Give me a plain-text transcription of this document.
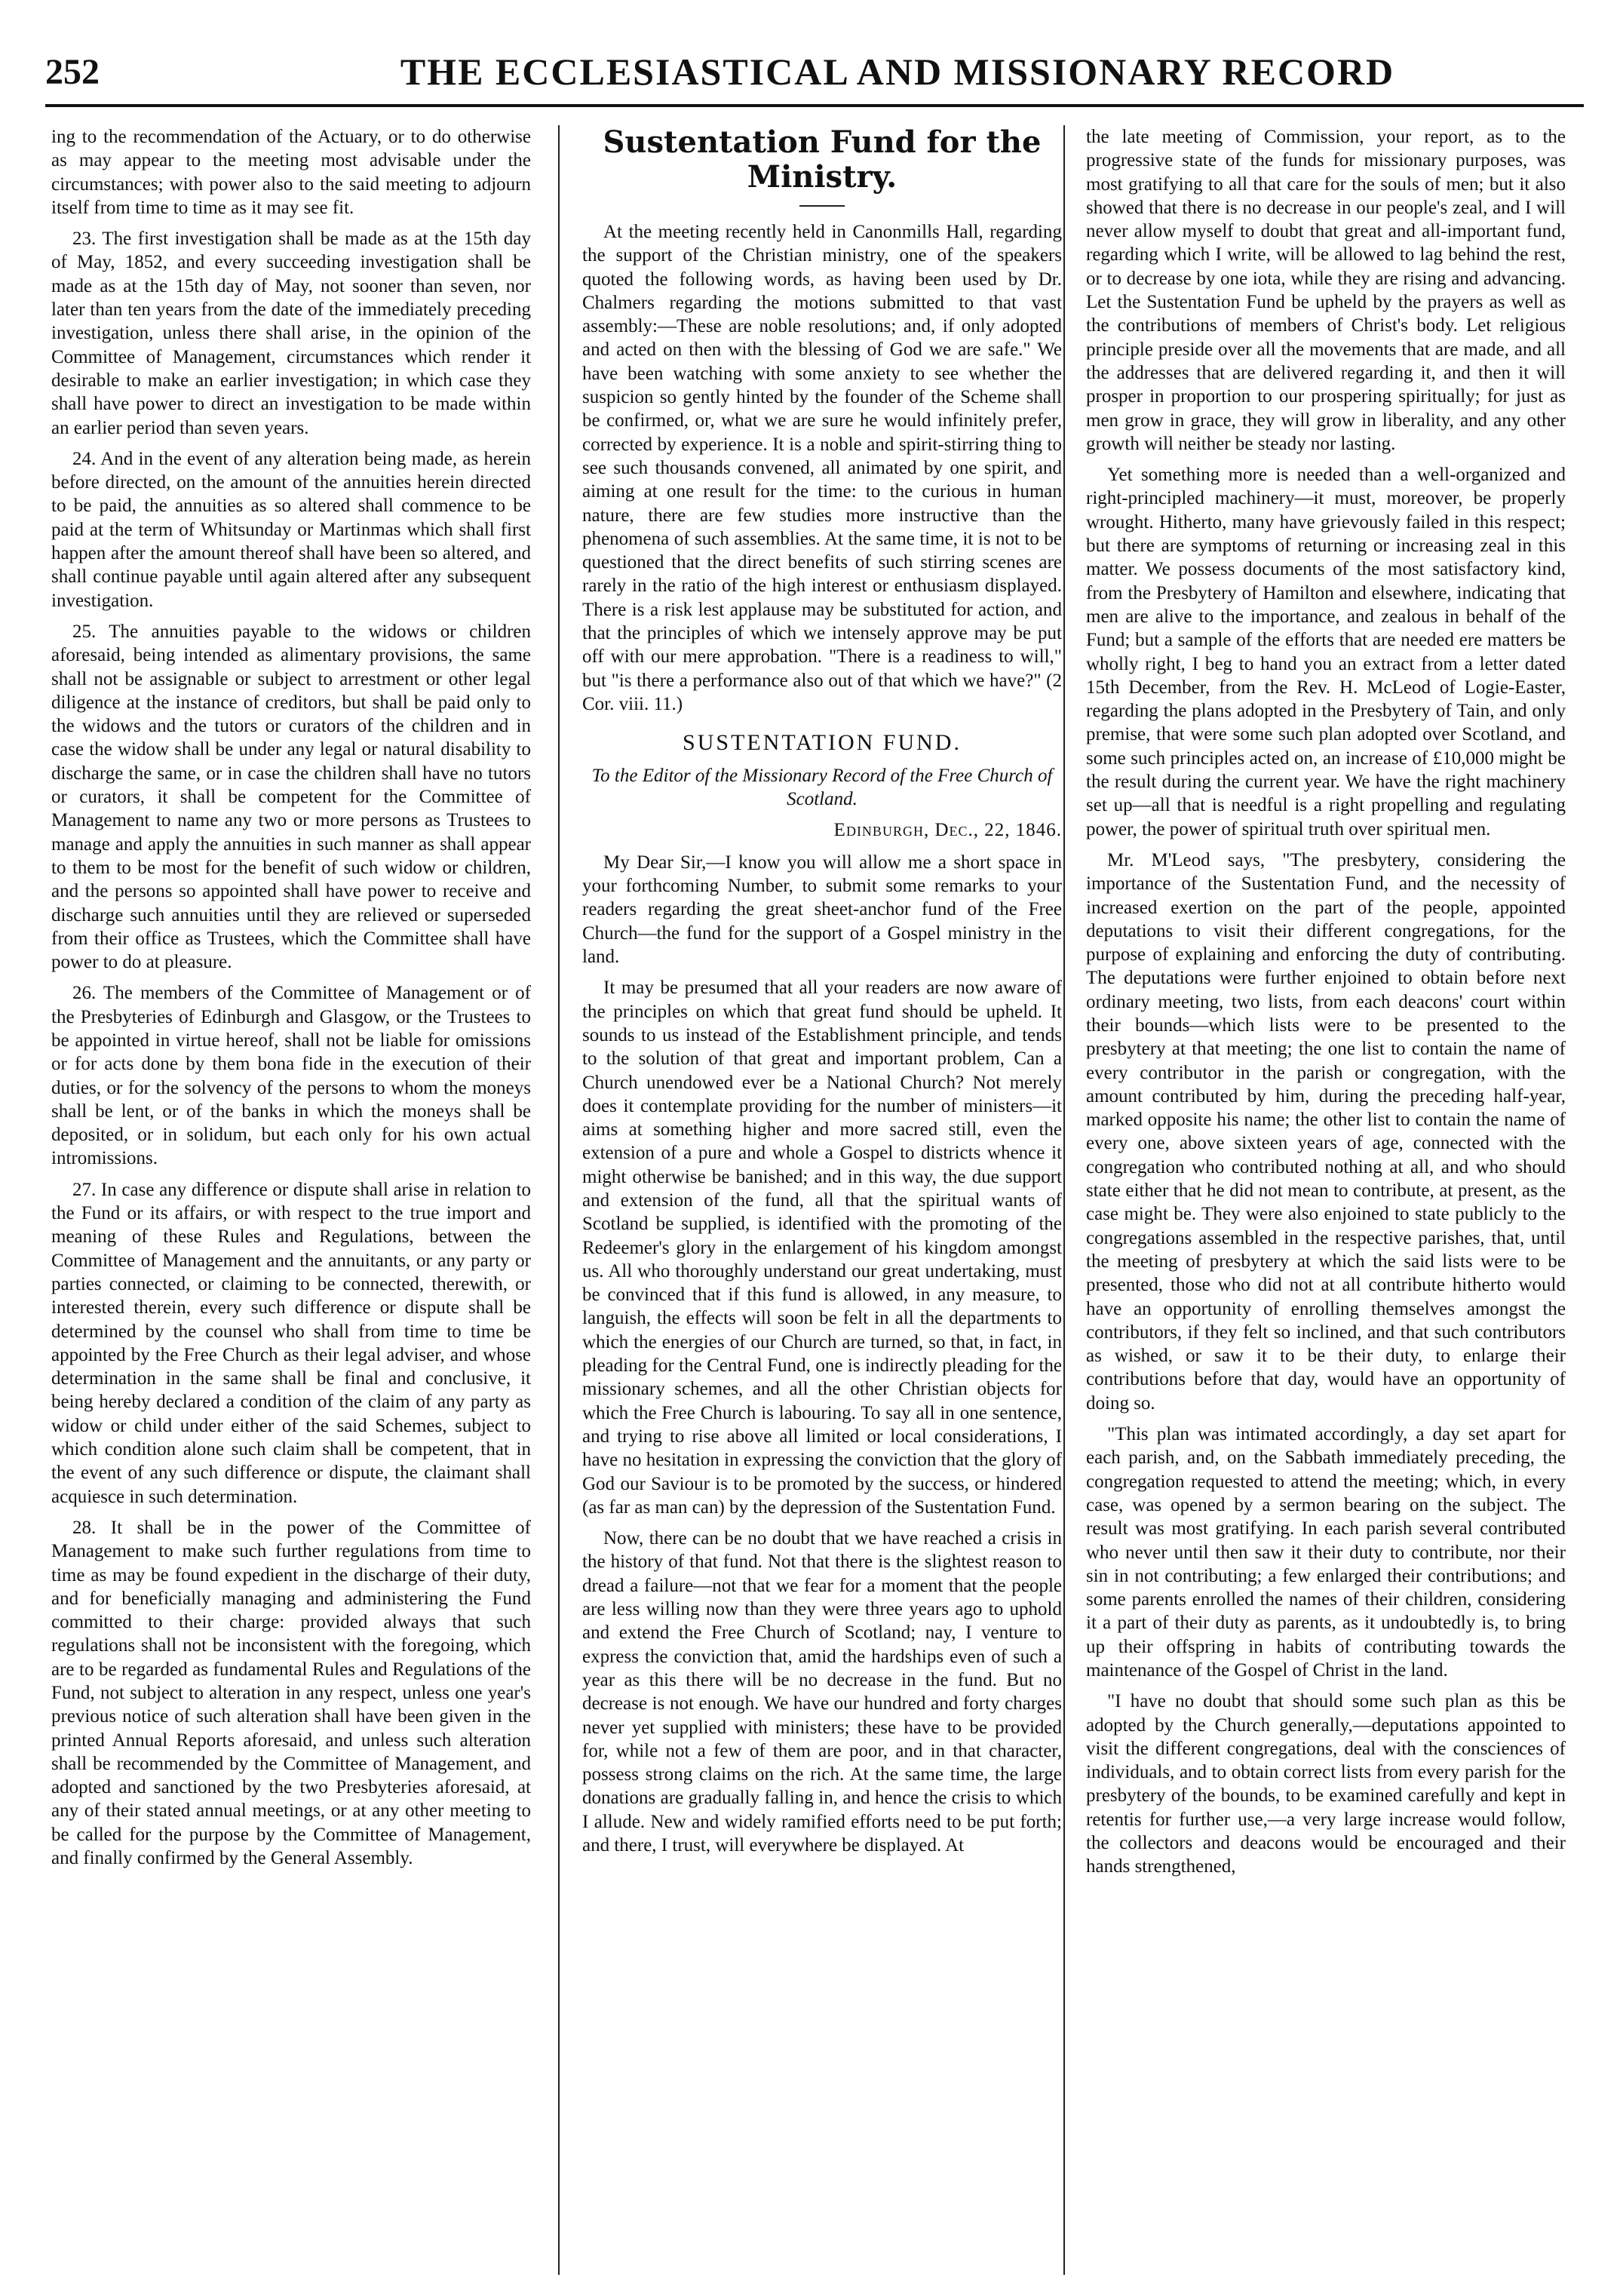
252	THE ECCLESIASTICAL AND MISSIONARY RECORD

ing to the recommendation of the Actuary, or to do otherwise as may appear to the meeting most advisable under the circumstances; with power also to the said meeting to adjourn itself from time to time as it may see fit.

23. The first investigation shall be made as at the 15th day of May, 1852, and every succeeding investigation shall be made as at the 15th day of May, not sooner than seven, nor later than ten years from the date of the immediately preceding investigation, unless there shall arise, in the opinion of the Committee of Management, circumstances which render it desirable to make an earlier investigation; in which case they shall have power to direct an investigation to be made within an earlier period than seven years.

24. And in the event of any alteration being made, as herein before directed, on the amount of the annuities herein directed to be paid, the annuities as so altered shall commence to be paid at the term of Whitsunday or Martinmas which shall first happen after the amount thereof shall have been so altered, and shall continue payable until again altered after any subsequent investigation.

25. The annuities payable to the widows or children aforesaid, being intended as alimentary provisions, the same shall not be assignable or subject to arrestment or other legal diligence at the instance of creditors, but shall be paid only to the widows and the tutors or curators of the children and in case the widow shall be under any legal or natural disability to discharge the same, or in case the children shall have no tutors or curators, it shall be competent for the Committee of Management to name any two or more persons as Trustees to manage and apply the annuities in such manner as shall appear to them to be most for the benefit of such widow or children, and the persons so appointed shall have power to receive and discharge such annuities until they are relieved or superseded from their office as Trustees, which the Committee shall have power to do at pleasure.

26. The members of the Committee of Management or of the Presbyteries of Edinburgh and Glasgow, or the Trustees to be appointed in virtue hereof, shall not be liable for omissions or for acts done by them bona fide in the execution of their duties, or for the solvency of the persons to whom the moneys shall be lent, or of the banks in which the moneys shall be deposited, or in solidum, but each only for his own actual intromissions.

27. In case any difference or dispute shall arise in relation to the Fund or its affairs, or with respect to the true import and meaning of these Rules and Regulations, between the Committee of Management and the annuitants, or any party or parties connected, or claiming to be connected, therewith, or interested therein, every such difference or dispute shall be determined by the counsel who shall from time to time be appointed by the Free Church as their legal adviser, and whose determination in the same shall be final and conclusive, it being hereby declared a condition of the claim of any party as widow or child under either of the said Schemes, subject to which condition alone such claim shall be competent, that in the event of any such difference or dispute, the claimant shall acquiesce in such determination.

28. It shall be in the power of the Committee of Management to make such further regulations from time to time as may be found expedient in the discharge of their duty, and for beneficially managing and administering the Fund committed to their charge: provided always that such regulations shall not be inconsistent with the foregoing, which are to be regarded as fundamental Rules and Regulations of the Fund, not subject to alteration in any respect, unless one year's previous notice of such alteration shall have been given in the printed Annual Reports aforesaid, and unless such alteration shall be recommended by the Committee of Management, and adopted and sanctioned by the two Presbyteries aforesaid, at any of their stated annual meetings, or at any other meeting to be called for the purpose by the Committee of Management, and finally confirmed by the General Assembly.

Sustentation Fund for the Ministry.

At the meeting recently held in Canonmills Hall, regarding the support of the Christian ministry, one of the speakers quoted the following words, as having been used by Dr. Chalmers regarding the motions submitted to that vast assembly:—These are noble resolutions; and, if only adopted and acted on then with the blessing of God we are safe." We have been watching with some anxiety to see whether the suspicion so gently hinted by the founder of the Scheme shall be confirmed, or, what we are sure he would infinitely prefer, corrected by experience. It is a noble and spirit-stirring thing to see such thousands convened, all animated by one spirit, and aiming at one result for the time: to the curious in human nature, there are few studies more instructive than the phenomena of such assemblies. At the same time, it is not to be questioned that the direct benefits of such stirring scenes are rarely in the ratio of the high interest or enthusiasm displayed. There is a risk lest applause may be substituted for action, and that the principles of which we intensely approve may be put off with our mere approbation. "There is a readiness to will," but "is there a performance also out of that which we have?" (2 Cor. viii. 11.)

SUSTENTATION FUND.
To the Editor of the Missionary Record of the Free Church of Scotland.
Edinburgh, Dec., 22, 1846.

My Dear Sir,—I know you will allow me a short space in your forthcoming Number, to submit some remarks to your readers regarding the great sheet-anchor fund of the Free Church—the fund for the support of a Gospel ministry in the land.

It may be presumed that all your readers are now aware of the principles on which that great fund should be upheld. It sounds to us instead of the Establishment principle, and tends to the solution of that great and important problem, Can a Church unendowed ever be a National Church? Not merely does it contemplate providing for the number of ministers—it aims at something higher and more sacred still, even the extension of a pure and whole a Gospel to districts whence it might otherwise be banished; and in this way, the due support and extension of the fund, all that the spiritual wants of Scotland be supplied, is identified with the promoting of the Redeemer's glory in the enlargement of his kingdom amongst us. All who thoroughly understand our great undertaking, must be convinced that if this fund is allowed, in any measure, to languish, the effects will soon be felt in all the departments to which the energies of our Church are turned, so that, in fact, in pleading for the Central Fund, one is indirectly pleading for the missionary schemes, and all the other Christian objects for which the Free Church is labouring. To say all in one sentence, and trying to rise above all limited or local considerations, I have no hesitation in expressing the conviction that the glory of God our Saviour is to be promoted by the success, or hindered (as far as man can) by the depression of the Sustentation Fund.

Now, there can be no doubt that we have reached a crisis in the history of that fund. Not that there is the slightest reason to dread a failure—not that we fear for a moment that the people are less willing now than they were three years ago to uphold and extend the Free Church of Scotland; nay, I venture to express the conviction that, amid the hardships even of such a year as this there will be no decrease in the fund. But no decrease is not enough. We have our hundred and forty charges never yet supplied with ministers; these have to be provided for, while not a few of them are poor, and in that character, possess strong claims on the rich. At the same time, the large donations are gradually falling in, and hence the crisis to which I allude. New and widely ramified efforts need to be put forth; and there, I trust, will everywhere be displayed. At

the late meeting of Commission, your report, as to the progressive state of the funds for missionary purposes, was most gratifying to all that care for the souls of men; but it also showed that there is no decrease in our people's zeal, and I will never allow myself to doubt that great and all-important fund, regarding which I write, will be allowed to lag behind the rest, or to decrease by one iota, while they are rising and advancing. Let the Sustentation Fund be upheld by the prayers as well as the contributions of members of Christ's body. Let religious principle preside over all the movements that are made, and all the addresses that are delivered regarding it, and then it will prosper in proportion to our prospering spiritually; for just as men grow in grace, they will grow in liberality, and any other growth will neither be steady nor lasting.

Yet something more is needed than a well-organized and right-principled machinery—it must, moreover, be properly wrought. Hitherto, many have grievously failed in this respect; but there are symptoms of returning or increasing zeal in this matter. We possess documents of the most satisfactory kind, from the Presbytery of Hamilton and elsewhere, indicating that men are alive to the importance, and zealous in behalf of the Fund; but a sample of the efforts that are needed ere matters be wholly right, I beg to hand you an extract from a letter dated 15th December, from the Rev. H. McLeod of Logie-Easter, regarding the plans adopted in the Presbytery of Tain, and only premise, that were some such plan adopted over Scotland, and some such principles acted on, an increase of £10,000 might be the result during the current year. We have the right machinery set up—all that is needful is a right propelling and regulating power, the power of spiritual truth over spiritual men.

Mr. M'Leod says, "The presbytery, considering the importance of the Sustentation Fund, and the necessity of increased exertion on the part of the people, appointed deputations to visit their different congregations, for the purpose of explaining and enforcing the duty of contributing. The deputations were further enjoined to obtain before next ordinary meeting, two lists, from each deacons' court within their bounds—which lists were to be presented to the presbytery at that meeting; the one list to contain the name of every contributor in the parish or congregation, with the amount contributed by him, during the preceding half-year, marked opposite his name; the other list to contain the name of every one, above sixteen years of age, connected with the congregation who contributed nothing at all, and who should state either that he did not mean to contribute, at present, as the case might be. They were also enjoined to state publicly to the congregations assembled in the respective parishes, that, until the meeting of presbytery at which the said lists were to be presented, those who did not at all contribute hitherto would have an opportunity of enrolling themselves amongst the contributors, if they felt so inclined, and that such contributors as wished, or saw it to be their duty, to enlarge their contributions before that day, would have an opportunity of doing so.

"This plan was intimated accordingly, a day set apart for each parish, and, on the Sabbath immediately preceding, the congregation requested to attend the meeting; which, in every case, was opened by a sermon bearing on the subject. The result was most gratifying. In each parish several contributed who never until then saw it their duty to contribute, nor their sin in not contributing; a few enlarged their contributions; and some parents enrolled the names of their children, considering it a part of their duty as parents, as it undoubtedly is, to bring up their offspring in habits of contributing towards the maintenance of the Gospel of Christ in the land.

"I have no doubt that should some such plan as this be adopted by the Church generally,—deputations appointed to visit the different congregations, deal with the consciences of individuals, and to obtain correct lists from every parish for the presbytery of the bounds, to be examined carefully and kept in retentis for further use,—a very large increase would follow, the collectors and deacons would be encouraged and their hands strengthened,
